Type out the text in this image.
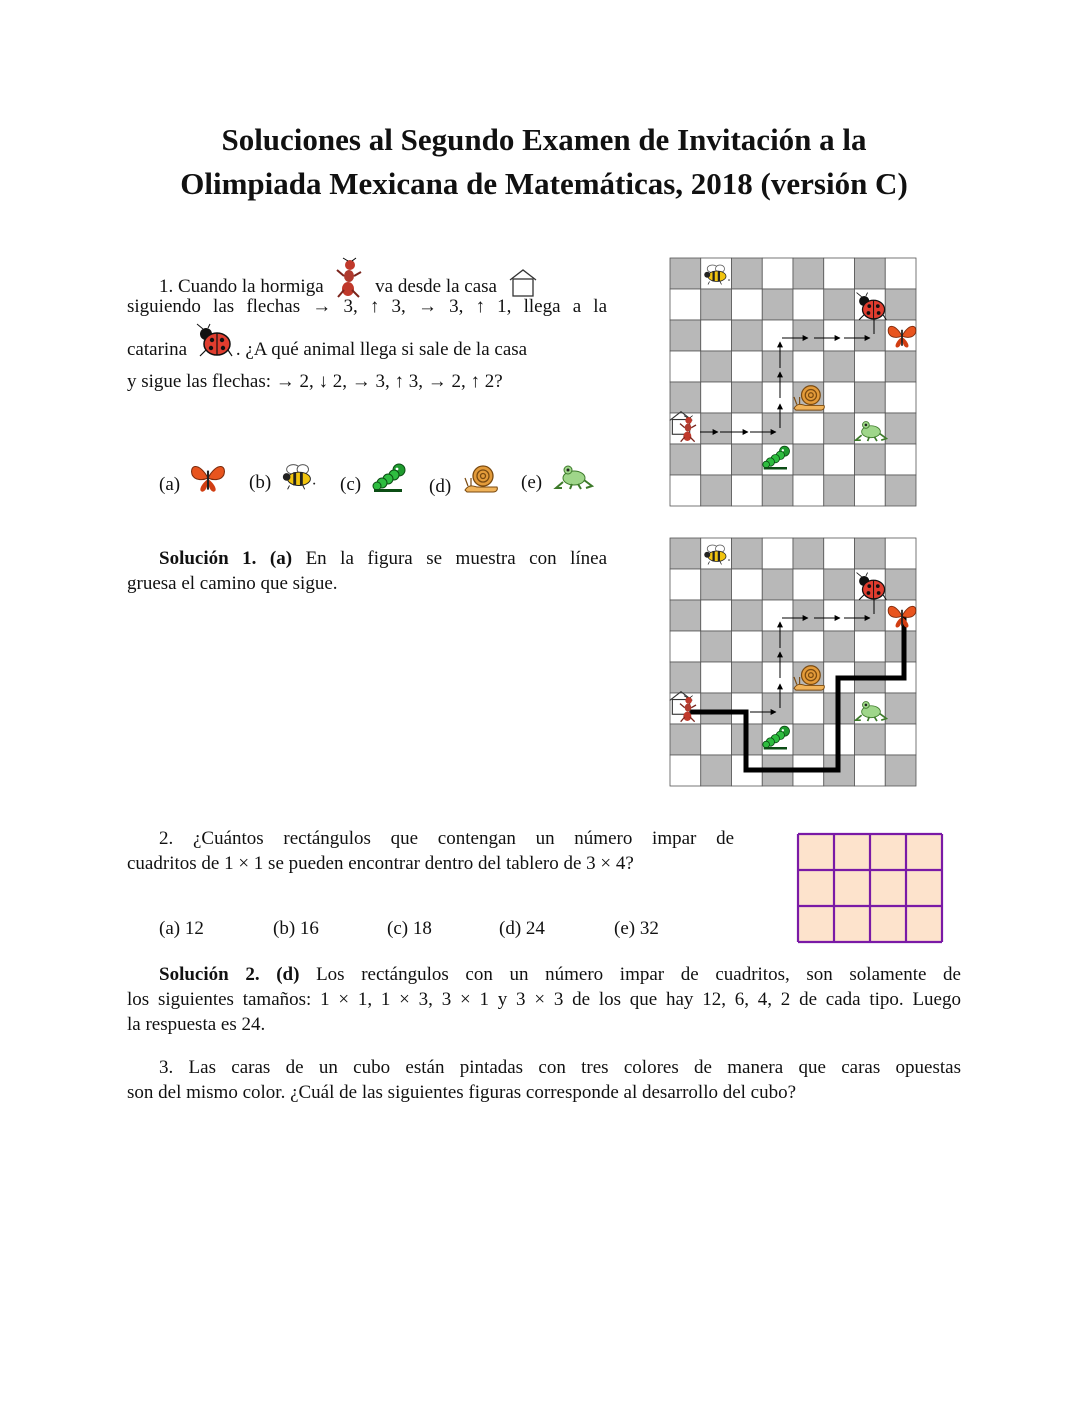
Soluciones al Segundo Examen de Invitación a la
Olimpiada Mexicana de Matemáticas, 2018 (versión C)
1. Cuando la hormiga	va desde la casa
siguiendo las flechas → 3, ↑ 3, → 3, ↑ 1, llega a la
catarina	. ¿A qué animal llega si sale de la casa
y sigue las flechas: → 2, ↓ 2, → 3, ↑ 3, → 2, ↑ 2?
(a)	(b)	(c)	(d)	(e)
Solución 1. (a) En la figura se muestra con línea
gruesa el camino que sigue.
2. ¿Cuántos rectángulos que contengan un número impar de
cuadritos de 1 × 1 se pueden encontrar dentro del tablero de 3 × 4?
(a) 12	(b) 16	(c) 18	(d) 24	(e) 32
Solución 2. (d) Los rectángulos con un número impar de cuadritos, son solamente de
los siguientes tamaños: 1 × 1, 1 × 3, 3 × 1 y 3 × 3 de los que hay 12, 6, 4, 2 de cada tipo. Luego
la respuesta es 24.
3. Las caras de un cubo están pintadas con tres colores de manera que caras opuestas
son del mismo color. ¿Cuál de las siguientes figuras corresponde al desarrollo del cubo?
